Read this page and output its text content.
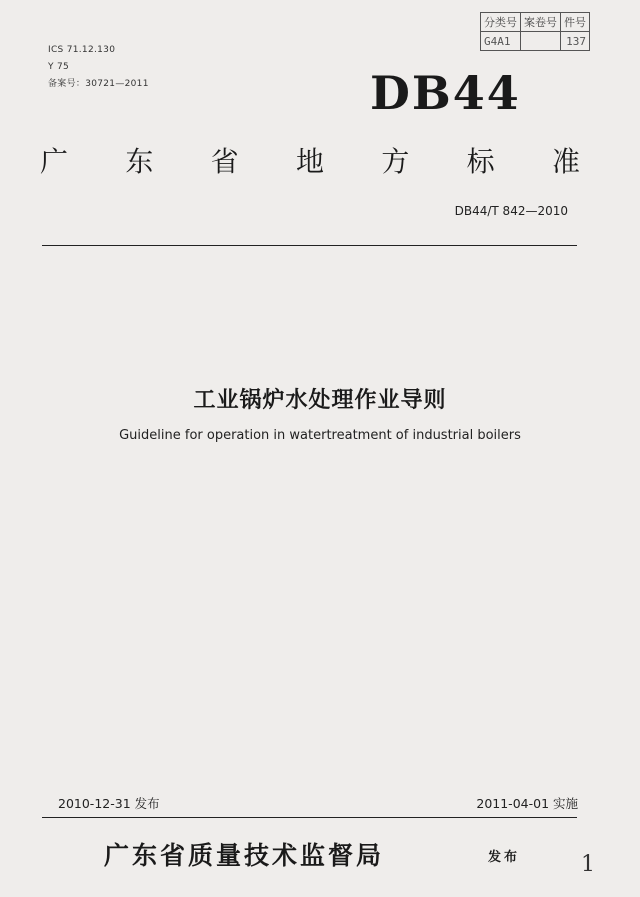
ICS 71.12.130
Y 75
备案号：30721—2011
分类号	案卷号	件号
G4A1		137
DB44
广 东 省 地 方 标 准
DB44/T 842—2010
工业锅炉水处理作业导则
Guideline for operation in watertreatment of industrial boilers
2010-12-31 发布	2011-04-01 实施
广东省质量技术监督局	发布	1
